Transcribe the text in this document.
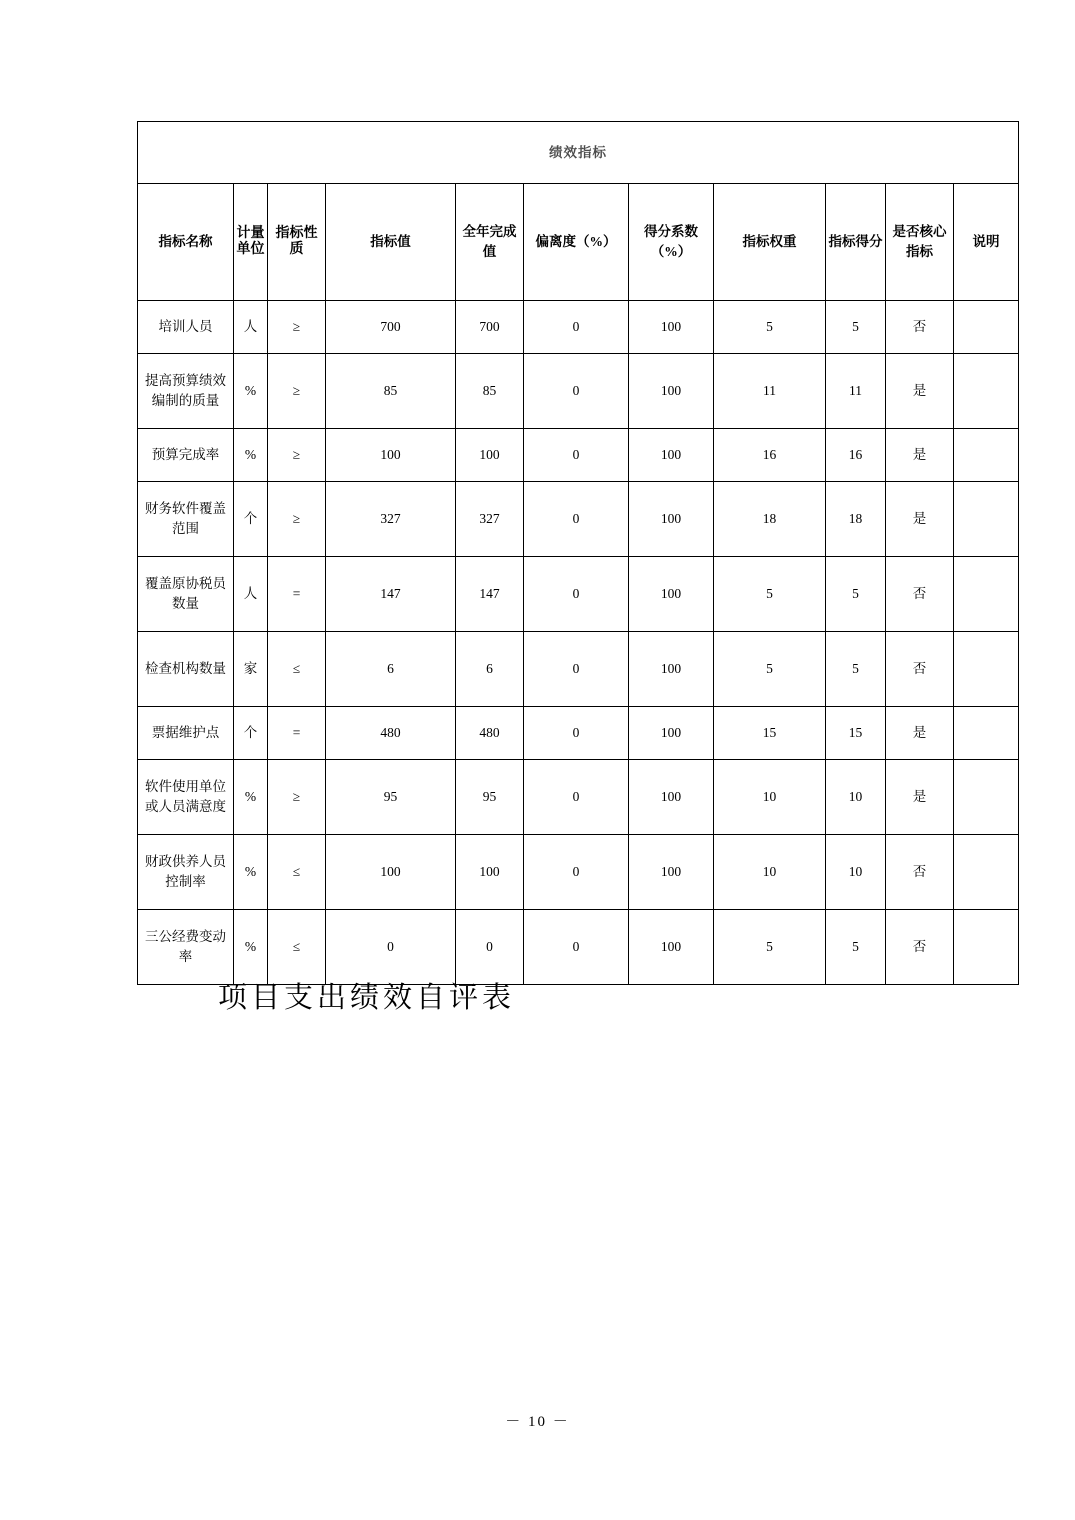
绩效指标										
指标名称	计量单位	指标性质	指标值	全年完成值	偏离度（%）	得分系数（%）	指标权重	指标得分	是否核心指标	说明
培训人员	人	≥	700	700	0	100	5	5	否	
提高预算绩效编制的质量	%	≥	85	85	0	100	11	11	是	
预算完成率	%	≥	100	100	0	100	16	16	是	
财务软件覆盖范围	个	≥	327	327	0	100	18	18	是	
覆盖原协税员数量	人	=	147	147	0	100	5	5	否	
检查机构数量	家	≤	6	6	0	100	5	5	否	
票据维护点	个	=	480	480	0	100	15	15	是	
软件使用单位或人员满意度	%	≥	95	95	0	100	10	10	是	
财政供养人员控制率	%	≤	100	100	0	100	10	10	否	
三公经费变动率	%	≤	0	0	0	100	5	5	否	
项目支出绩效自评表
－ 10 －
